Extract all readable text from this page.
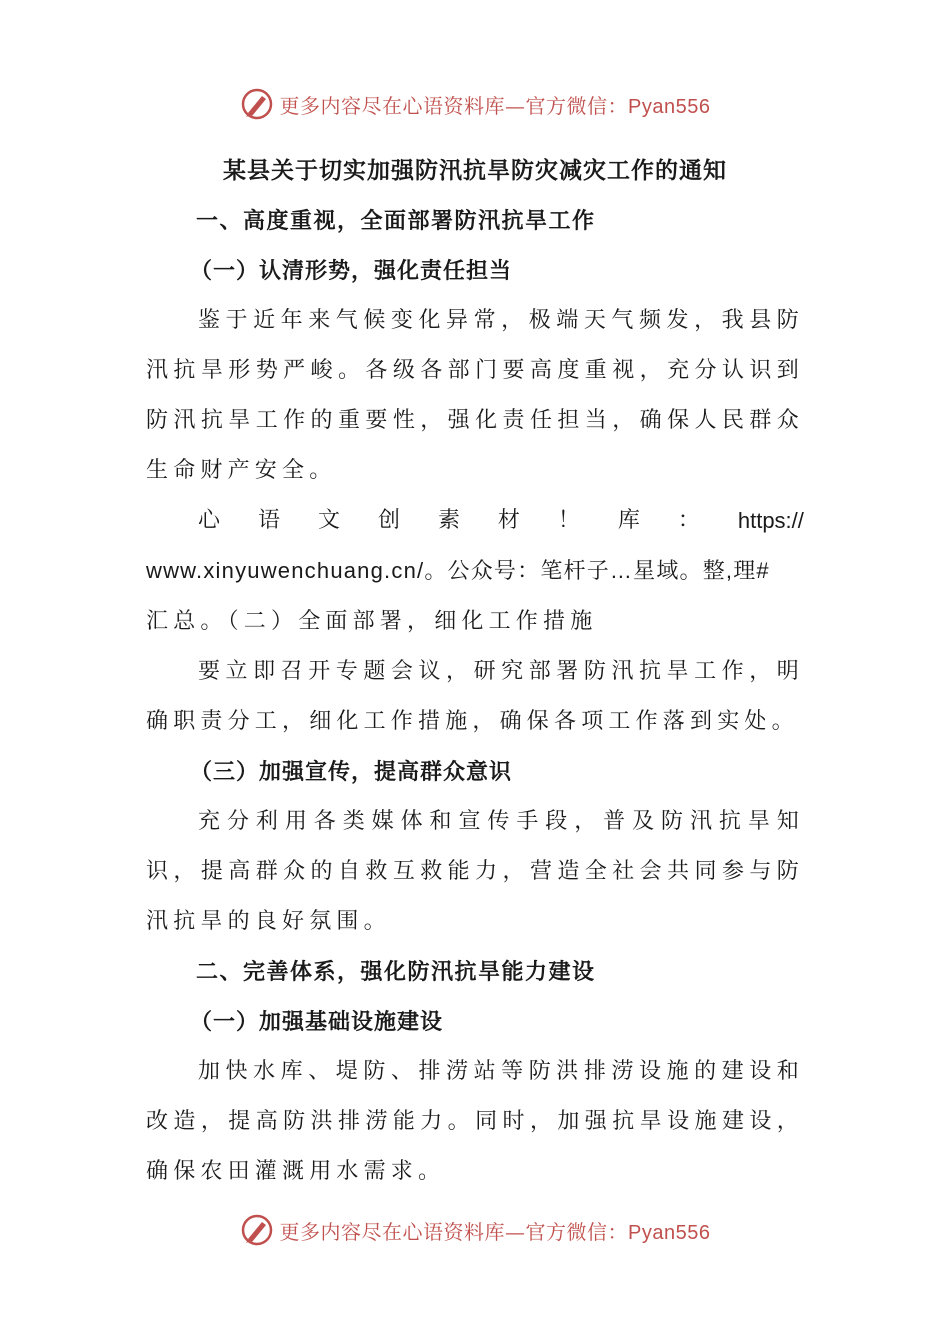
更多内容尽在心语资料库—官方微信：Pyan556

某县关于切实加强防汛抗旱防灾减灾工作的通知

一、高度重视，全面部署防汛抗旱工作

（一）认清形势，强化责任担当

鉴于近年来气候变化异常，极端天气频发，我县防汛抗旱形势严峻。各级各部门要高度重视，充分认识到防汛抗旱工作的重要性，强化责任担当，确保人民群众生命财产安全。

心 语 文 创 素 材 ！ 库 ： https://

www.xinyuwenchuang.cn/。公众号：笔杆子…星域。整,理#

汇总。（二）全面部署，细化工作措施

要立即召开专题会议，研究部署防汛抗旱工作，明确职责分工，细化工作措施，确保各项工作落到实处。

（三）加强宣传，提高群众意识

充分利用各类媒体和宣传手段，普及防汛抗旱知识，提高群众的自救互救能力，营造全社会共同参与防汛抗旱的良好氛围。

二、完善体系，强化防汛抗旱能力建设

（一）加强基础设施建设

加快水库、堤防、排涝站等防洪排涝设施的建设和改造，提高防洪排涝能力。同时，加强抗旱设施建设，确保农田灌溉用水需求。

更多内容尽在心语资料库—官方微信：Pyan556
